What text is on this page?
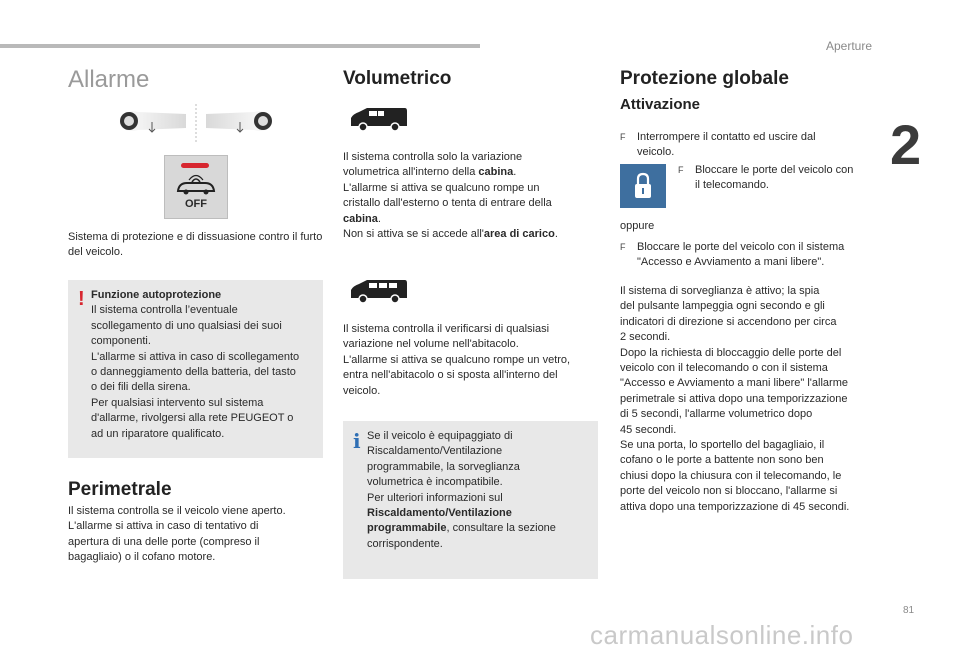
Aperture
2
81
carmanualsonline.info
Allarme
OFF
Sistema di protezione e di dissuasione contro il furto del veicolo.
! Funzione autoprotezione
Il sistema controlla l’eventuale
scollegamento di uno qualsiasi dei suoi
componenti.
L'allarme si attiva in caso di scollegamento
o danneggiamento della batteria, del tasto
o dei fili della sirena.
Per qualsiasi intervento sul sistema
d'allarme, rivolgersi alla rete PEUGEOT o
ad un riparatore qualificato.
Perimetrale
Il sistema controlla se il veicolo viene aperto.
L'allarme si attiva in caso di tentativo di
apertura di una delle porte (compreso il
bagagliaio) o il cofano motore.
Volumetrico
Il sistema controlla solo la variazione
volumetrica all'interno della cabina.
L'allarme si attiva se qualcuno rompe un
cristallo dall'esterno o tenta di entrare della
cabina.
Non si attiva se si accede all'area di carico.
Il sistema controlla il verificarsi di qualsiasi
variazione nel volume nell'abitacolo.
L'allarme si attiva se qualcuno rompe un vetro,
entra nell'abitacolo o si sposta all'interno del
veicolo.
i Se il veicolo è equipaggiato di
Riscaldamento/Ventilazione
programmabile, la sorveglianza
volumetrica è incompatibile.
Per ulteriori informazioni sul
Riscaldamento/Ventilazione
programmabile, consultare la sezione
corrispondente.
Protezione globale
Attivazione
F Interrompere il contatto ed uscire dal
veicolo.
F Bloccare le porte del veicolo con
il telecomando.
oppure
F Bloccare le porte del veicolo con il sistema
"Accesso e Avviamento a mani libere".
Il sistema di sorveglianza è attivo; la spia
del pulsante lampeggia ogni secondo e gli
indicatori di direzione si accendono per circa
2 secondi.
Dopo la richiesta di bloccaggio delle porte del
veicolo con il telecomando o con il sistema
"Accesso e Avviamento a mani libere" l'allarme
perimetrale si attiva dopo una temporizzazione
di 5 secondi, l'allarme volumetrico dopo
45 secondi.
Se una porta, lo sportello del bagagliaio, il
cofano o le porte a battente non sono ben
chiusi dopo la chiusura con il telecomando, le
porte del veicolo non si bloccano, l'allarme si
attiva dopo una temporizzazione di 45 secondi.
